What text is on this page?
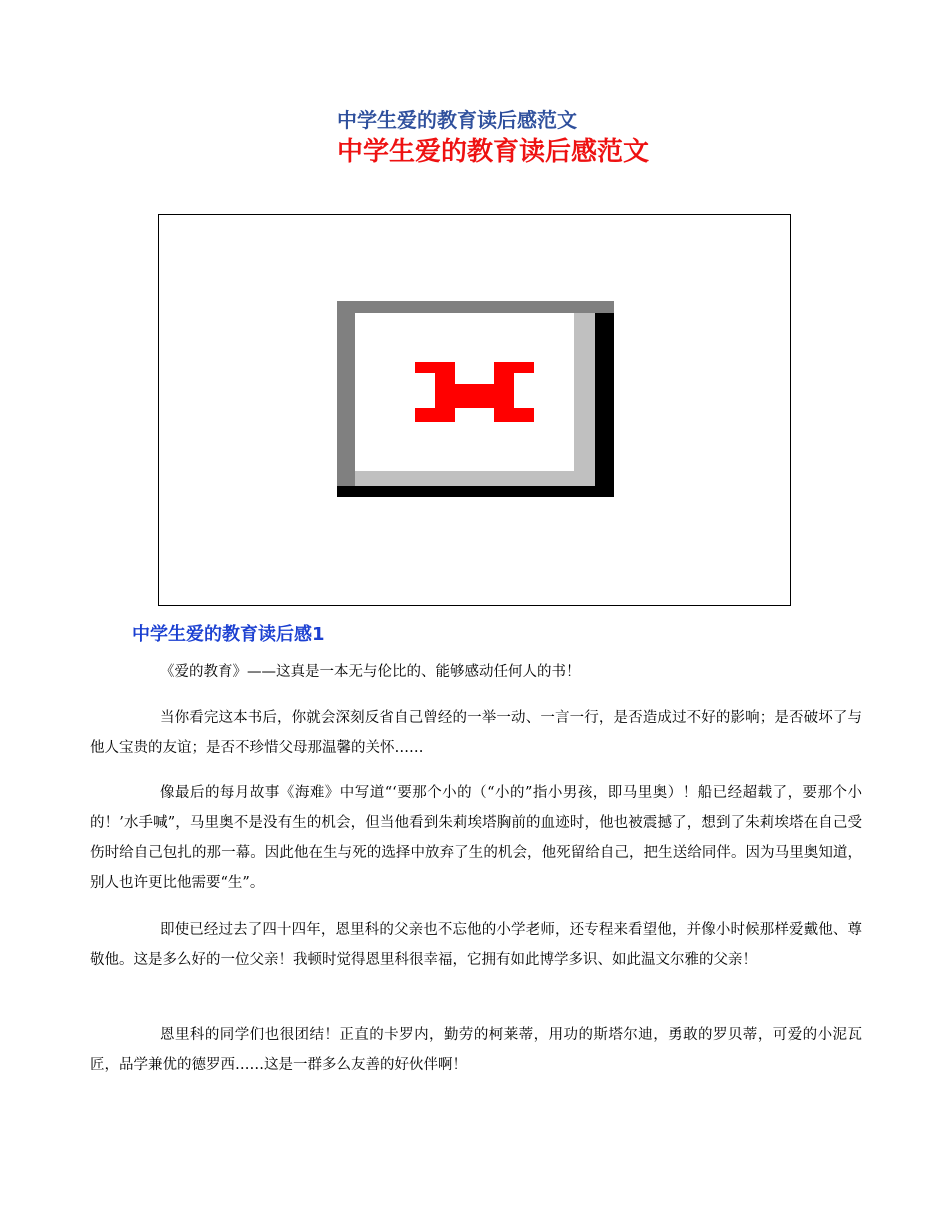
中学生爱的教育读后感范文
中学生爱的教育读后感范文
中学生爱的教育读后感1

《爱的教育》——这真是一本无与伦比的、能够感动任何人的书！

当你看完这本书后，你就会深刻反省自己曾经的一举一动、一言一行，是否造成过不好的影响；是否破坏了与他人宝贵的友谊；是否不珍惜父母那温馨的关怀……

像最后的每月故事《海难》中写道“‘要那个小的（“小的”指小男孩，即马里奥）！船已经超载了，要那个小的！’水手喊”，马里奥不是没有生的机会，但当他看到朱莉埃塔胸前的血迹时，他也被震撼了，想到了朱莉埃塔在自己受伤时给自己包扎的那一幕。因此他在生与死的选择中放弃了生的机会，他死留给自己，把生送给同伴。因为马里奥知道，别人也许更比他需要“生”。

即使已经过去了四十四年，恩里科的父亲也不忘他的小学老师，还专程来看望他，并像小时候那样爱戴他、尊敬他。这是多么好的一位父亲！我顿时觉得恩里科很幸福，它拥有如此博学多识、如此温文尔雅的父亲！

恩里科的同学们也很团结！正直的卡罗内，勤劳的柯莱蒂，用功的斯塔尔迪，勇敢的罗贝蒂，可爱的小泥瓦匠，品学兼优的德罗西……这是一群多么友善的好伙伴啊！
